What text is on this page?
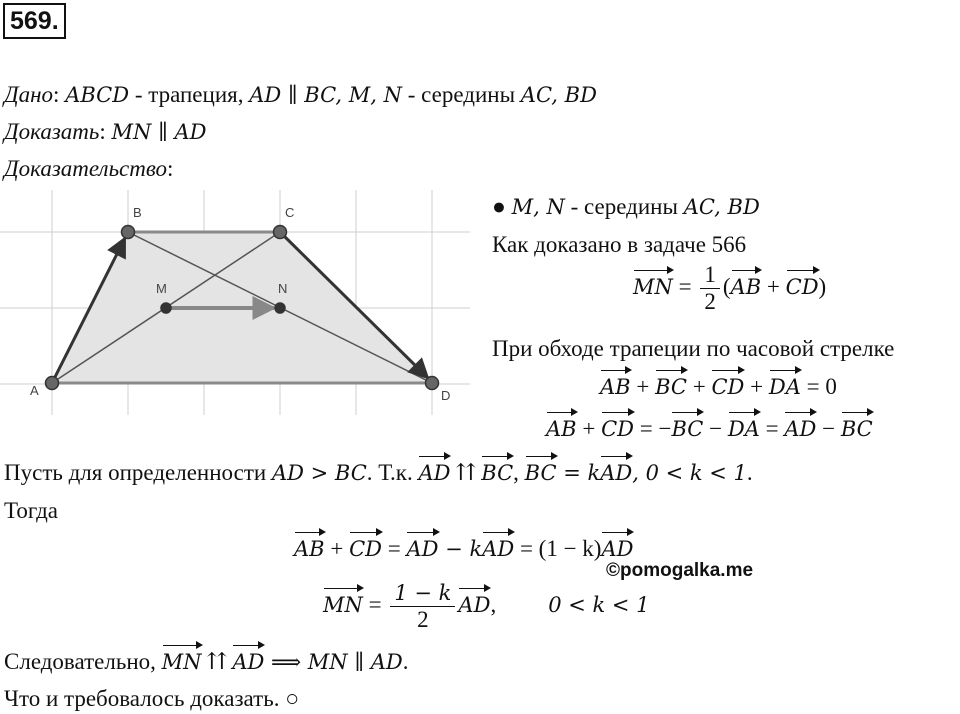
569.
Дано: ABCD - трапеция, AD ∥ BC, M, N - середины AC, BD
Доказать: MN ∥ AD
Доказательство:
A
B	C
D
M	N
● M, N - середины AC, BD
Как доказано в задаче 566
MN = $\frac{1}{2} (AB + CD)$
При обходе трапеции по часовой стрелке
AB + BC + CD + DA = 0
AB + CD = −BC − DA = AD − BC
Пусть для определенности AD > BC. Т.к. AD ⇈ BC, BC = kAD, 0 < k < 1.
Тогда
AB + CD = AD − kAD = (1 − k)AD
©pomogalka.me
MN = $\frac{1 - k}{2}$ AD, 0 < k < 1
Следовательно, MN ⇈ AD ⟹ MN ∥ AD.
Что и требовалось доказать. ○
